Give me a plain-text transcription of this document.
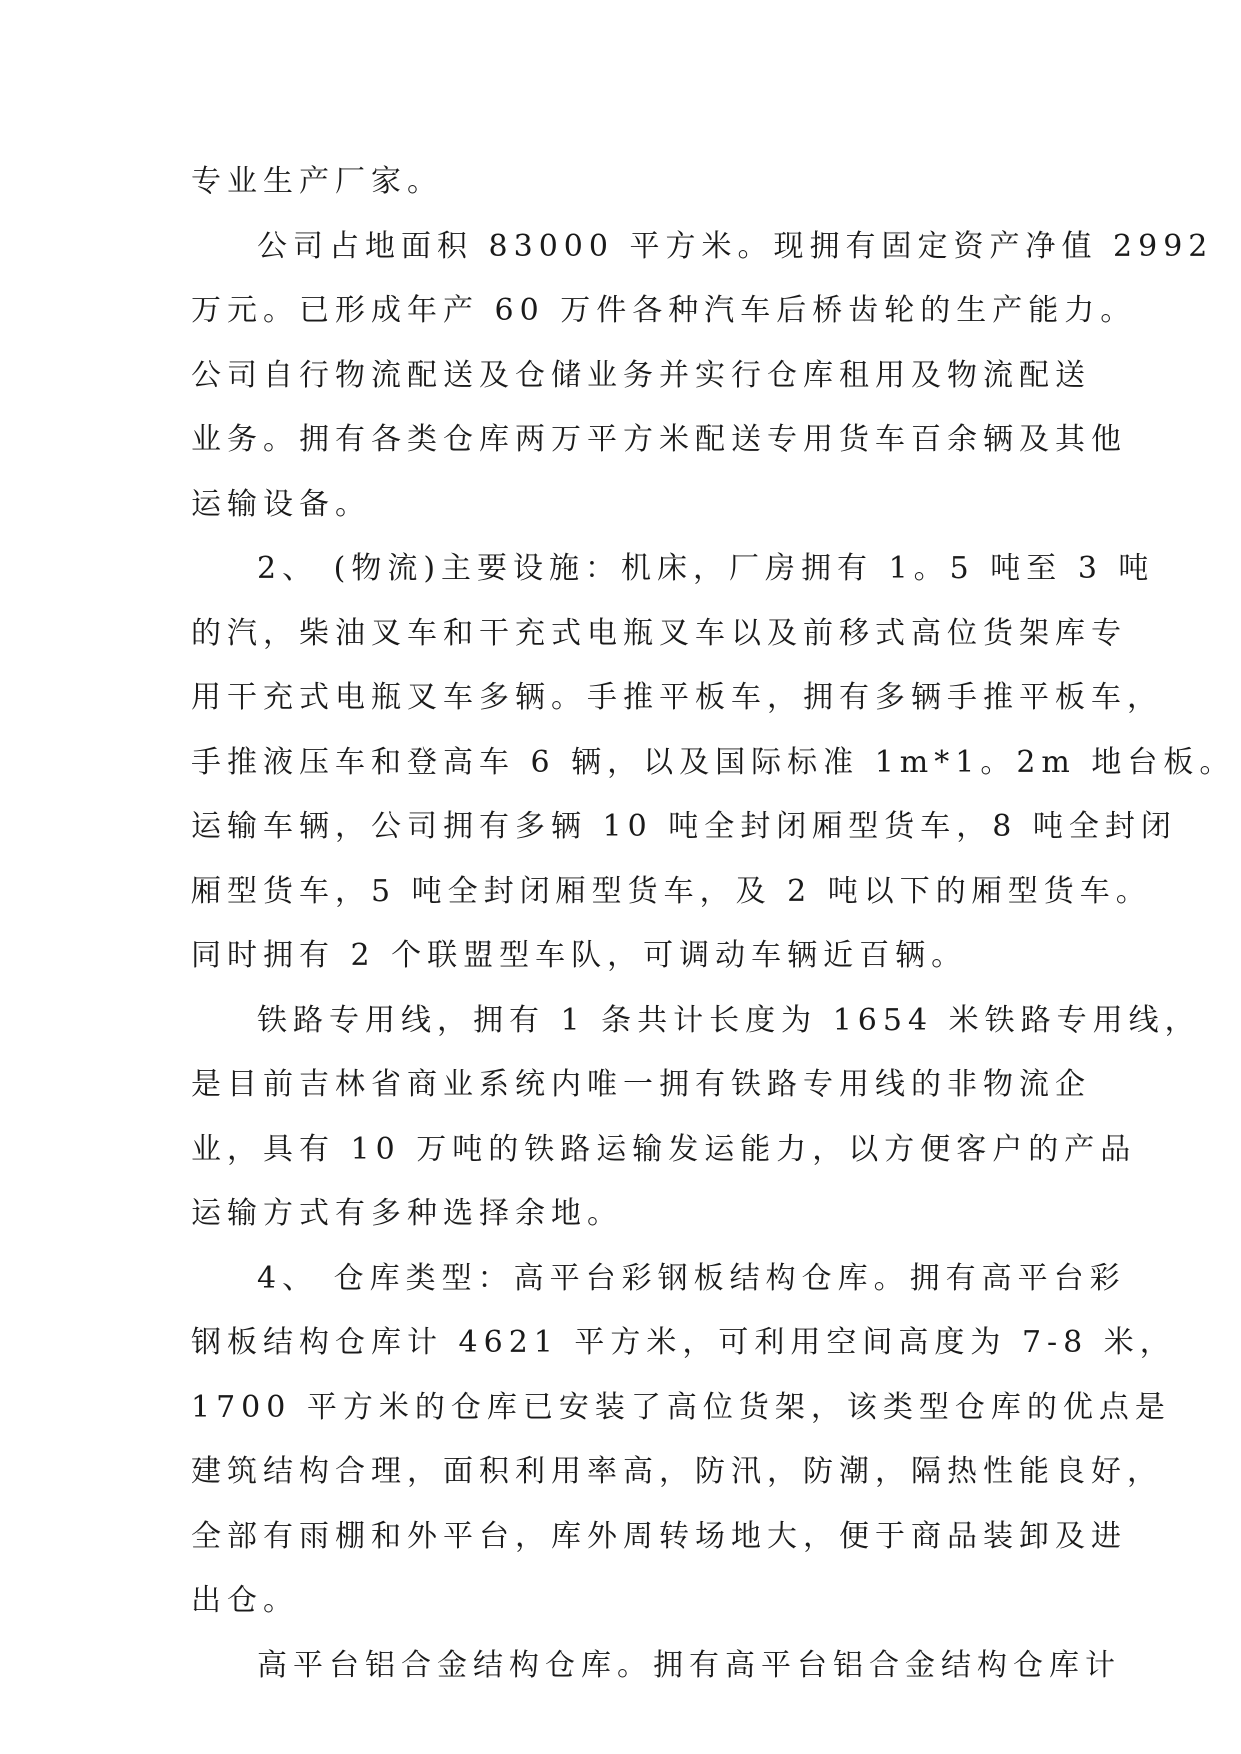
专业生产厂家。
公司占地面积 83000 平方米。现拥有固定资产净值 2992
万元。已形成年产 60 万件各种汽车后桥齿轮的生产能力。
公司自行物流配送及仓储业务并实行仓库租用及物流配送
业务。拥有各类仓库两万平方米配送专用货车百余辆及其他
运输设备。
2、 (物流)主要设施：机床，厂房拥有 1。5 吨至 3 吨
的汽，柴油叉车和干充式电瓶叉车以及前移式高位货架库专
用干充式电瓶叉车多辆。手推平板车，拥有多辆手推平板车，
手推液压车和登高车 6 辆，以及国际标准 1m*1。2m 地台板。
运输车辆，公司拥有多辆 10 吨全封闭厢型货车，8 吨全封闭
厢型货车，5 吨全封闭厢型货车，及 2 吨以下的厢型货车。
同时拥有 2 个联盟型车队，可调动车辆近百辆。
铁路专用线，拥有 1 条共计长度为 1654 米铁路专用线，
是目前吉林省商业系统内唯一拥有铁路专用线的非物流企
业，具有 10 万吨的铁路运输发运能力，以方便客户的产品
运输方式有多种选择余地。
4、 仓库类型：高平台彩钢板结构仓库。拥有高平台彩
钢板结构仓库计 4621 平方米，可利用空间高度为 7-8 米，
1700 平方米的仓库已安装了高位货架，该类型仓库的优点是
建筑结构合理，面积利用率高，防汛，防潮，隔热性能良好，
全部有雨棚和外平台，库外周转场地大，便于商品装卸及进
出仓。
高平台铝合金结构仓库。拥有高平台铝合金结构仓库计
